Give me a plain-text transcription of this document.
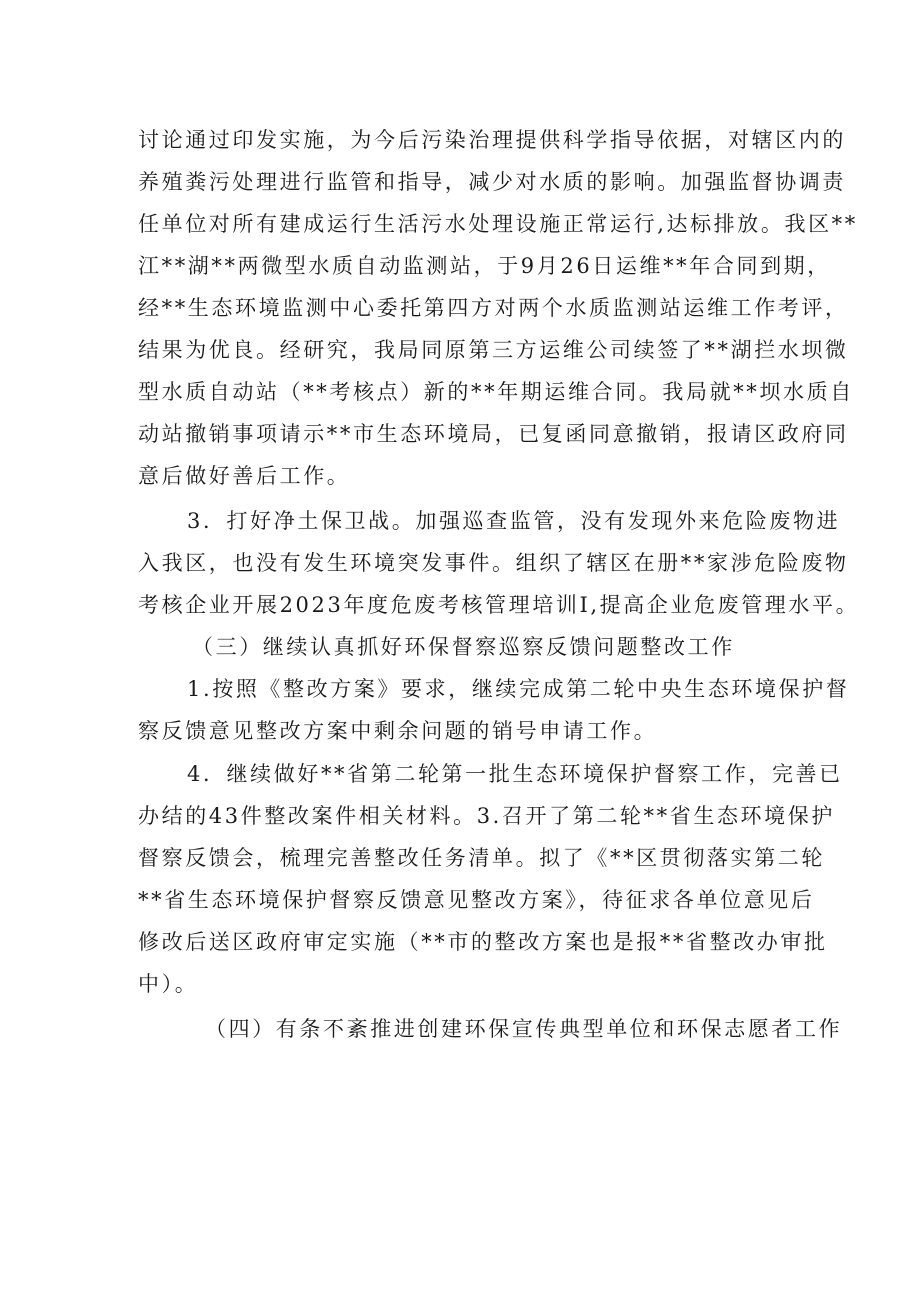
讨论通过印发实施，为今后污染治理提供科学指导依据，对辖区内的
养殖粪污处理进行监管和指导，减少对水质的影响。加强监督协调责
任单位对所有建成运行生活污水处理设施正常运行,达标排放。我区**
江**湖**两微型水质自动监测站，于9月26日运维**年合同到期，
经**生态环境监测中心委托第四方对两个水质监测站运维工作考评，
结果为优良。经研究，我局同原第三方运维公司续签了**湖拦水坝微
型水质自动站（**考核点）新的**年期运维合同。我局就**坝水质自
动站撤销事项请示**市生态环境局，已复函同意撤销，报请区政府同
意后做好善后工作。
3．打好净土保卫战。加强巡查监管，没有发现外来危险废物进
入我区，也没有发生环境突发事件。组织了辖区在册**家涉危险废物
考核企业开展2023年度危废考核管理培训I,提高企业危废管理水平。
（三）继续认真抓好环保督察巡察反馈问题整改工作
1.按照《整改方案》要求，继续完成第二轮中央生态环境保护督
察反馈意见整改方案中剩余问题的销号申请工作。
4．继续做好**省第二轮第一批生态环境保护督察工作，完善已
办结的43件整改案件相关材料。3.召开了第二轮**省生态环境保护
督察反馈会，梳理完善整改任务清单。拟了《**区贯彻落实第二轮
**省生态环境保护督察反馈意见整改方案》，待征求各单位意见后
修改后送区政府审定实施（**市的整改方案也是报**省整改办审批
中）。
（四）有条不紊推进创建环保宣传典型单位和环保志愿者工作
